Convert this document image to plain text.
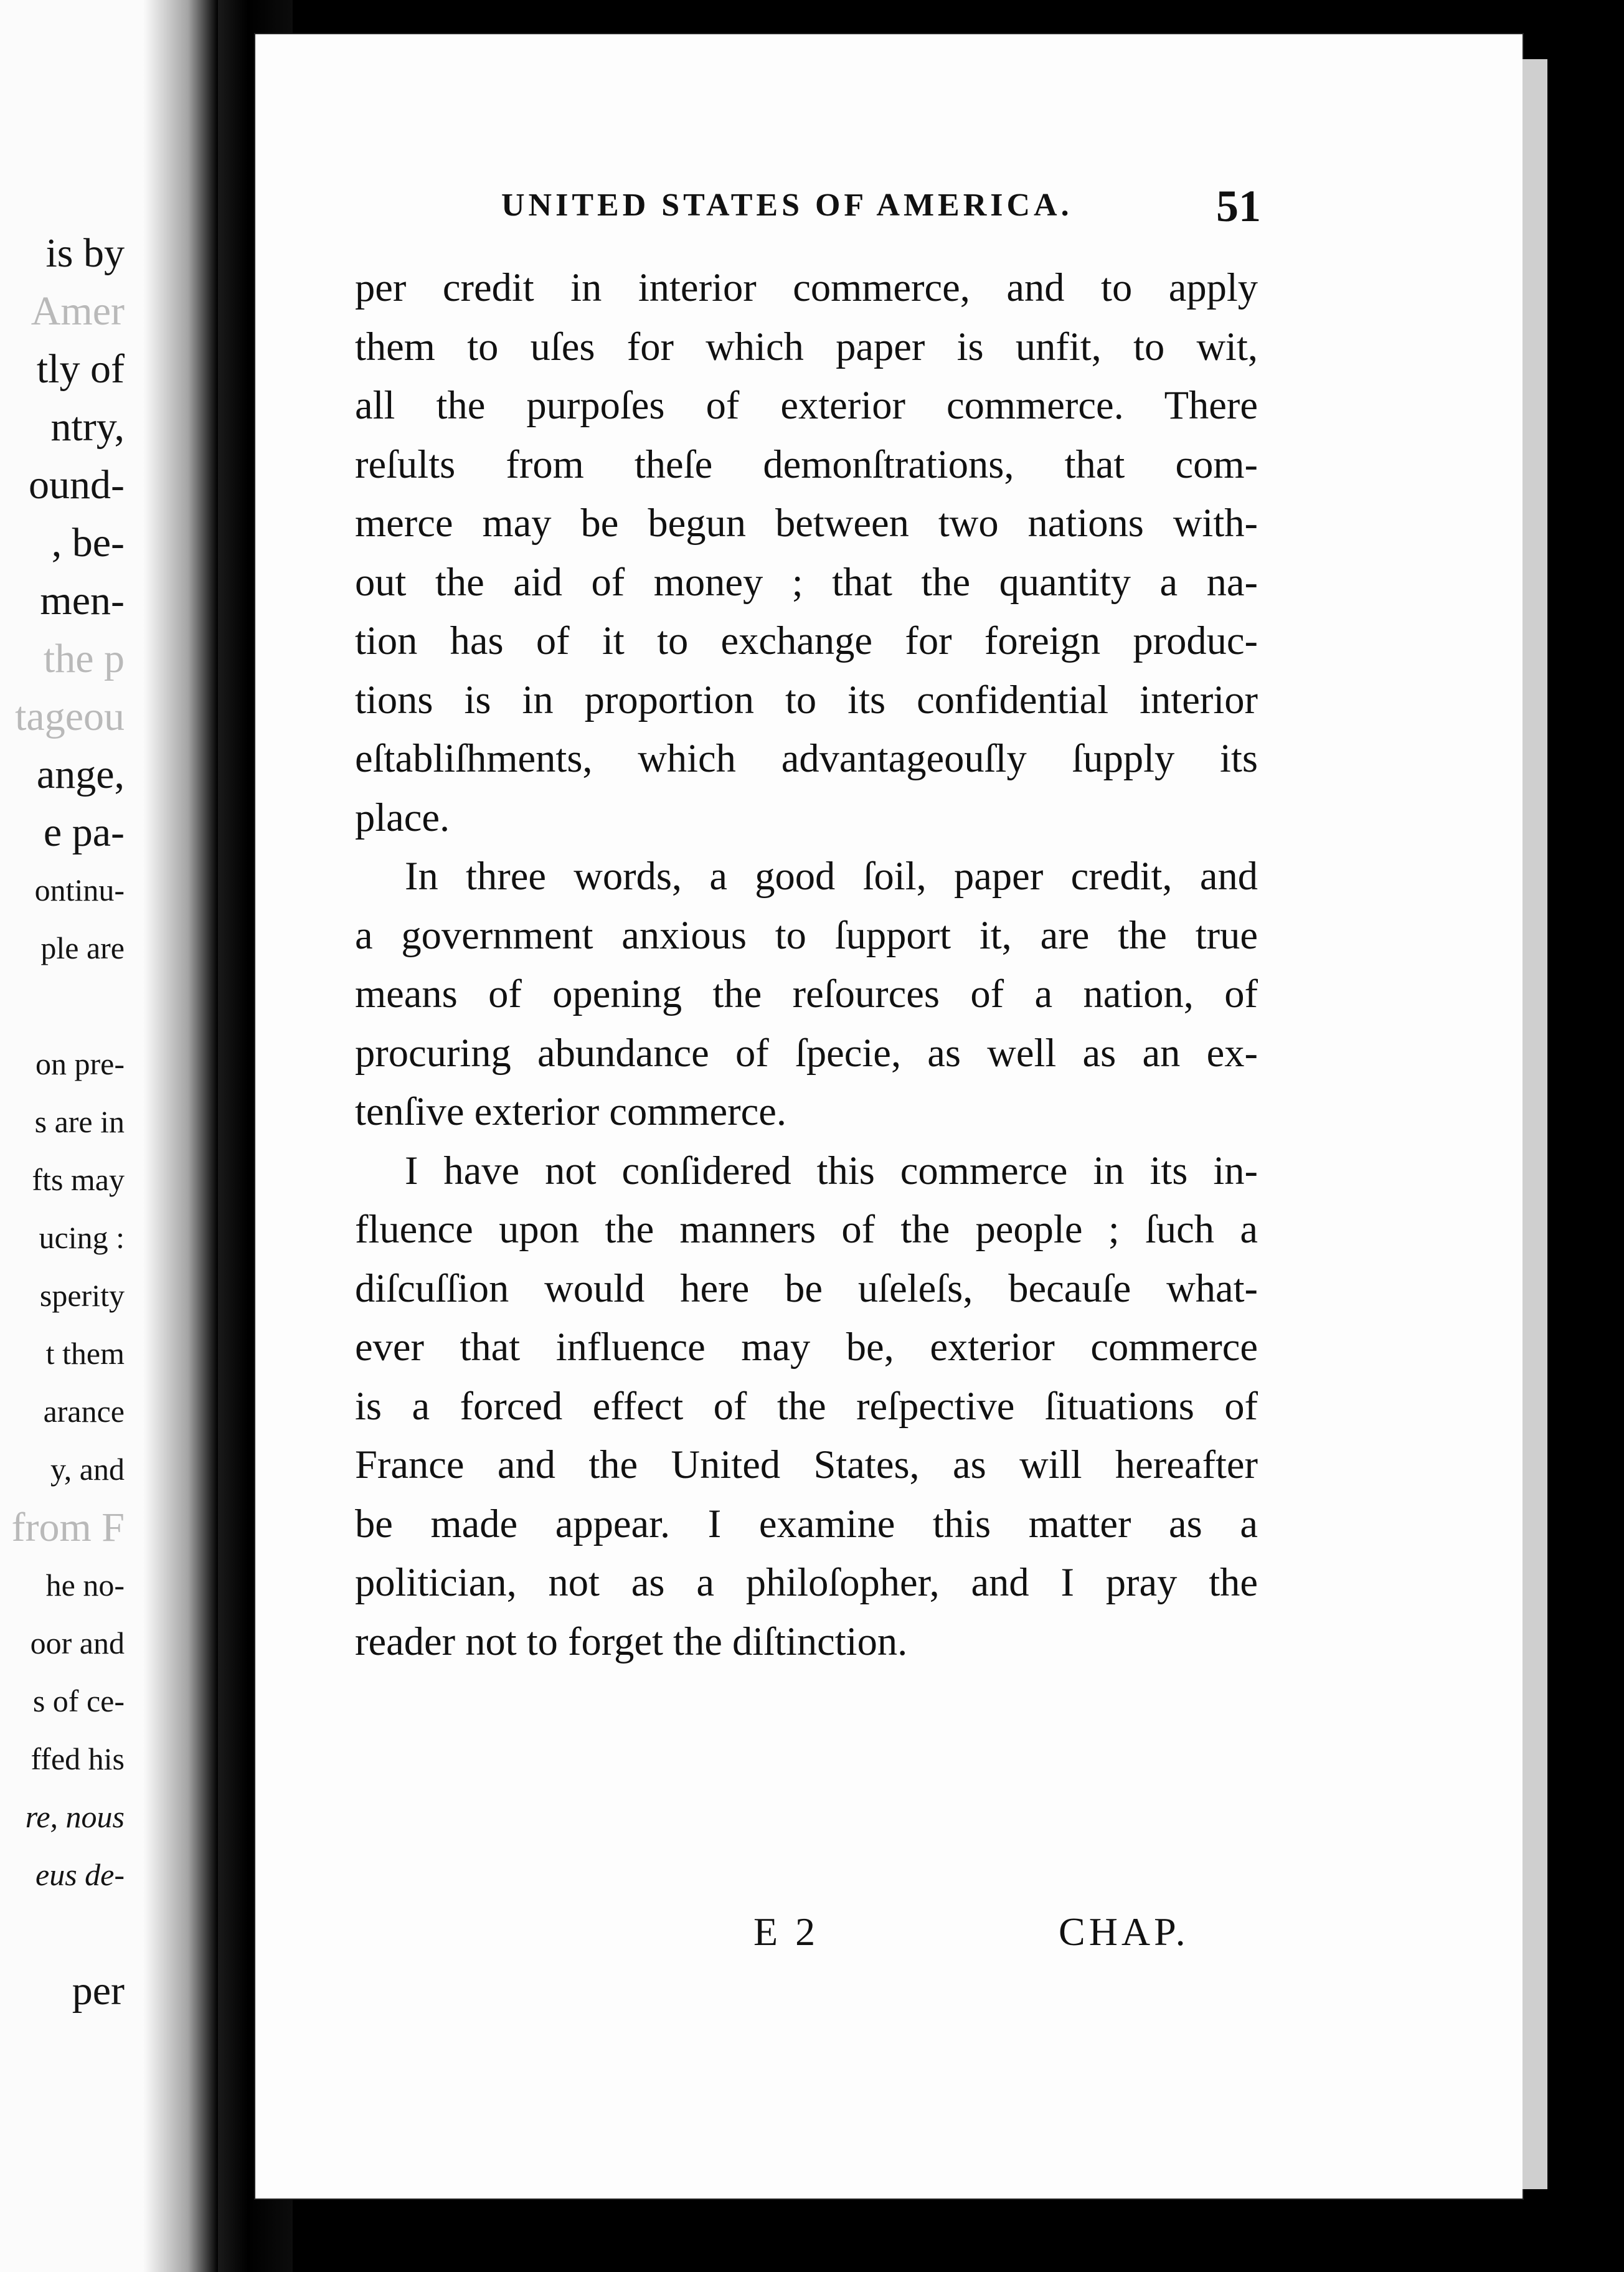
is by
Amer
tly of
ntry,
ound-
, be-
men-
the p
tageou
ange,
e pa-
ontinu-
ple are

on pre-
s are in
fts may
ucing :
sperity
t them
arance
y, and
from F
he no-
oor and
s of ce-
ffed his
re, nous
eus de-

per
UNITED STATES OF AMERICA.	51

per credit in interior commerce, and to apply
them to uſes for which paper is unfit, to wit,
all the purpoſes of exterior commerce. There
reſults from theſe demonſtrations, that com-
merce may be begun between two nations with-
out the aid of money ; that the quantity a na-
tion has of it to exchange for foreign produc-
tions is in proportion to its confidential interior
eſtabliſhments, which advantageouſly ſupply its
place.

In three words, a good ſoil, paper credit, and
a government anxious to ſupport it, are the true
means of opening the reſources of a nation, of
procuring abundance of ſpecie, as well as an ex-
tenſive exterior commerce.

I have not conſidered this commerce in its in-
fluence upon the manners of the people ; ſuch a
diſcuſſion would here be uſeleſs, becauſe what-
ever that influence may be, exterior commerce
is a forced effect of the reſpective ſituations of
France and the United States, as will hereafter
be made appear. I examine this matter as a
politician, not as a philoſopher, and I pray the
reader not to forget the diſtinction.

E 2	CHAP.
